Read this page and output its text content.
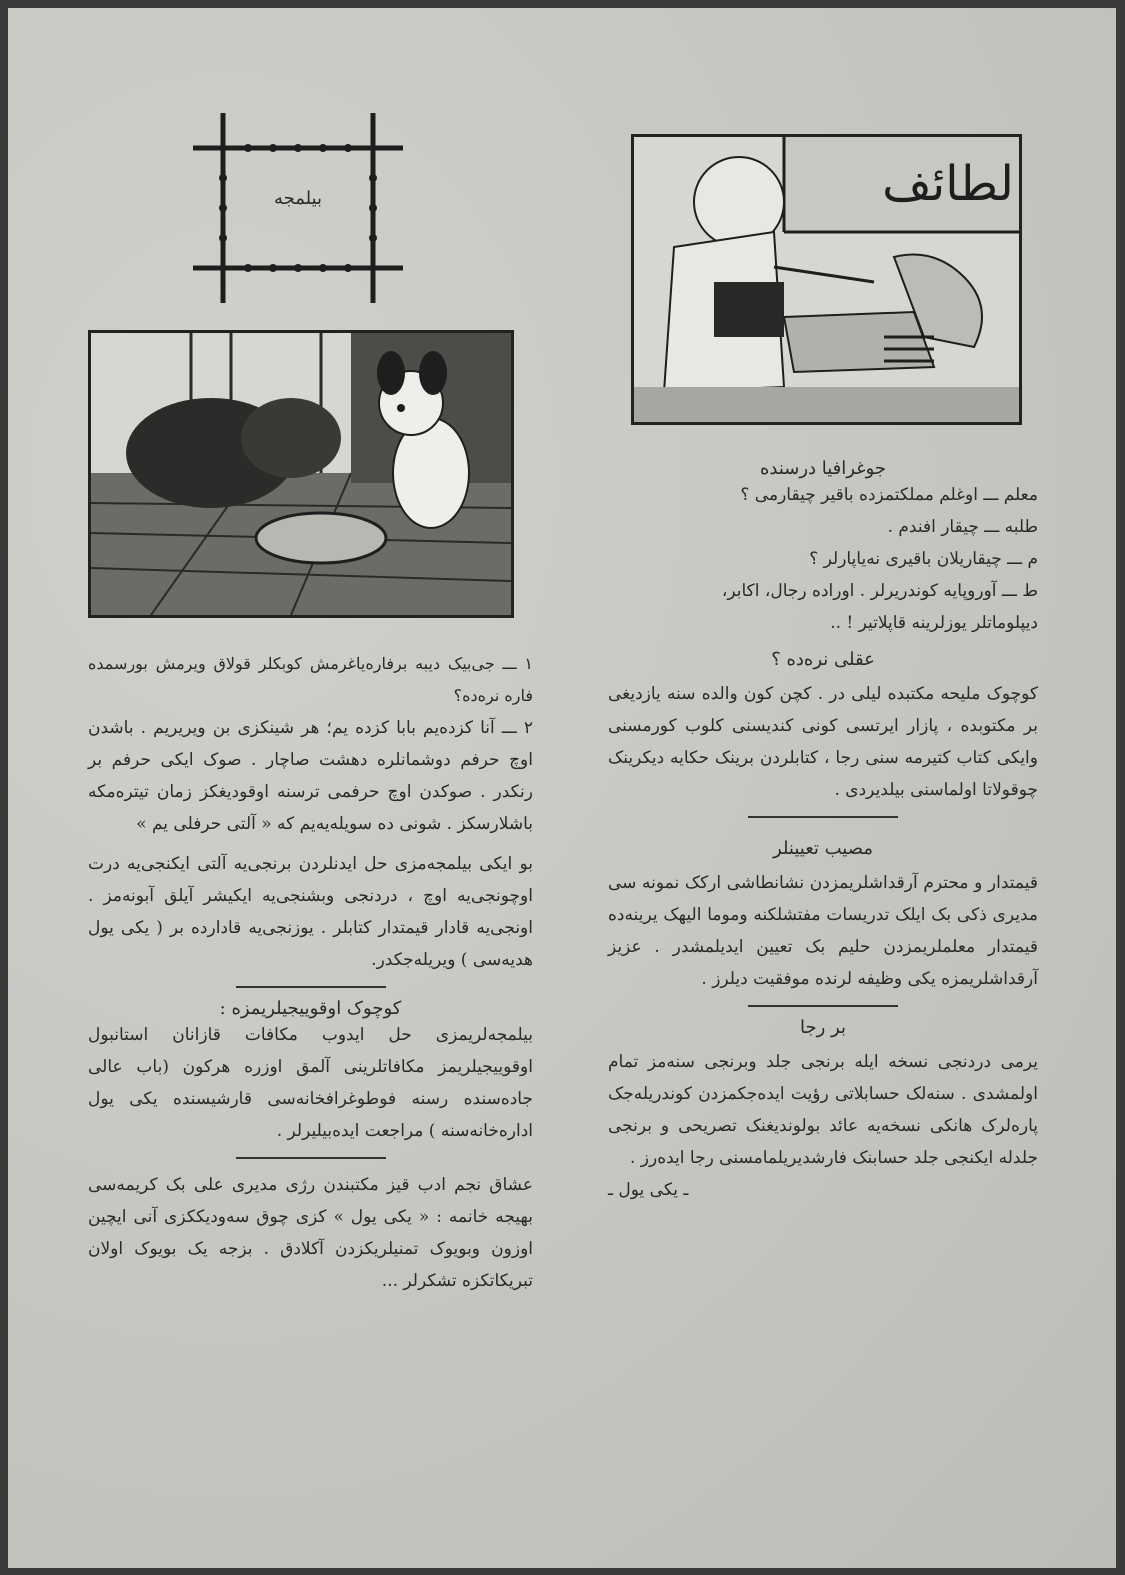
بیلمجه	لطائف

جوغرافیا درسنده

معلم ـــ اوغلم مملکتمزده باقیر چیقارمی ؟

طلبه ـــ چیقار افندم .

م ـــ چیقاریلان باقیری نه‌یاپارلر ؟

ط ـــ آوروپایه کوندریرلر . اوراده رجال، اکابر،

دیپلوماتلر یوزلرینه قاپلاتیر ! ..

عقلی نره‌ده ؟

کوچوک ملیحه مکتبده لیلی در . کچن کون والده سنه یازدیغی بر مکتوبده ، پازار ایرتسی کونی کندیسنی کلوب کورمسنی وایکی کتاب کتیرمه سنی رجا ، کتابلردن برینک حکایه دیکرینک چوقولاتا اولماسنی بیلدیردی .

مصیب تعیینلر

قیمتدار و محترم آرقداشلریمزدن نشانطاشی ارکک نمونه سی مدیری ذکی بک ایلک تدریسات مفتشلکنه وموما الیهک یرینه‌ده قیمتدار معلملریمزدن حلیم بک تعیین ایدیلمشدر . عزیز آرقداشلریمزه یکی وظیفه لرنده موفقیت دیلرز .

بر رجا

یرمی دردنجی نسخه ایله برنجی جلد وبرنجی سنه‌مز تمام اولمشدی . سنه‌لک حسابلاتی رؤیت ایده‌جکمزدن کوندریله‌جک پاره‌لرک هانکی نسخه‌یه عائد بولوندیغنک تصریحی و برنجی جلدله ایکنجی جلد حسابنک فارشدیریلمامسنی رجا ایده‌رز .

ـ یکی یول ـ

١ ـــ جی‌بیک دیبه برفاره‌یاغرمش کوبکلر قولاق ویرمش بورسمده فاره نره‌ده؟

٢ ـــ آنا کزده‌یم بابا کزده یم؛ هر شینکزی بن ویریریم . باشدن اوچ حرفم دوشمانلره دهشت صاچار . صوک ایکی حرفم بر رنکدر . صوکدن اوچ حرفمی ترسنه اوقودیغکز زمان تیتره‌مکه باشلارسکز . شونی ده سویله‌یه‌یم که « آلتی حرفلی یم »

بو ایکی بیلمجه‌مزی حل ایدنلردن برنجی‌یه آلتی ایکنجی‌یه درت اوچونجی‌یه اوچ ، دردنجی وبشنجی‌یه ایکیشر آیلق آبونه‌مز . اونجی‌یه قادار قیمتدار کتابلر . یوزنجی‌یه قادار‌ده بر ( یکی یول هدیه‌سی ) ویریله‌جکدر.

کوچوک اوقوییجیلریمزه :

بیلمجه‌لریمزی حل ایدوب مکافات قازانان استانبول اوقوییجیلریمز مکافاتلرینی آلمق اوزره هرکون (باب عالی جاده‌سنده رسنه فوطوغرافخانه‌سی قارشیسنده یکی یول اداره‌خانه‌سنه ) مراجعت ایده‌بیلیرلر .

عشاق نجم ادب قیز مکتبندن رژی مدیری علی بک کریمه‌سی بهیجه خانمه : « یکی یول » کزی چوق سه‌ودیککزی آنی ایچین اوزون وبویوک تمنیلریکزدن آکلادق . بزجه یک بویوک اولان تبریکاتکزه تشکرلر ...
